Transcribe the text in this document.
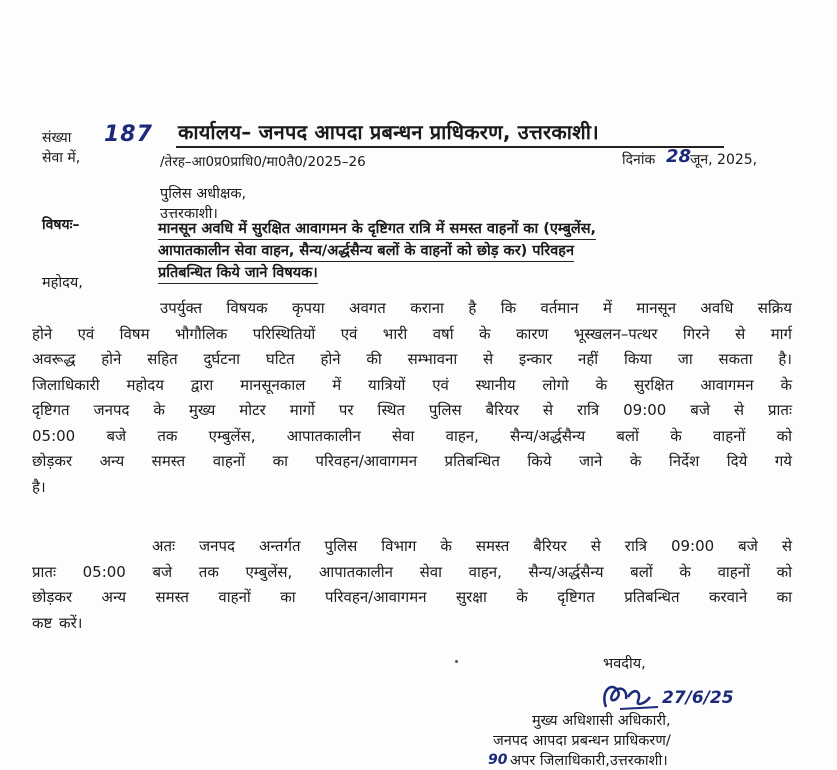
कार्यालय– जनपद आपदा प्रबन्धन प्राधिकरण, उत्तरकाशी।
संख्या 187
सेवा में,	/तेरह–आ0प्र0प्राधि0/मा0तै0/2025–26	दिनांक 28
जून, 2025,
पुलिस अधीक्षक,
उत्तरकाशी।
विषयः–	मानसून अवधि में सुरक्षित आवागमन के दृष्टिगत रात्रि में समस्त वाहनों का (एम्बुलेंस,
आपातकालीन सेवा वाहन, सैन्य/अर्द्धसैन्य बलों के वाहनों को छोड़ कर) परिवहन
प्रतिबन्धित किये जाने विषयक।
महोदय,
उपर्युक्त विषयक कृपया अवगत कराना है कि वर्तमान में मानसून अवधि सक्रिय
होने एवं विषम भौगौलिक परिस्थितियों एवं भारी वर्षा के कारण भूस्खलन–पत्थर गिरने से मार्ग
अवरूद्ध होने सहित दुर्घटना घटित होने की सम्भावना से इन्कार नहीं किया जा सकता है।
जिलाधिकारी महोदय द्वारा मानसूनकाल में यात्रियों एवं स्थानीय लोगो के सुरक्षित आवागमन के
दृष्टिगत जनपद के मुख्य मोटर मार्गो पर स्थित पुलिस बैरियर से रात्रि 09:00 बजे से प्रातः
05:00 बजे तक एम्बुलेंस, आपातकालीन सेवा वाहन, सैन्य/अर्द्धसैन्य बलों के वाहनों को
छोड़कर अन्य समस्त वाहनों का परिवहन/आवागमन प्रतिबन्धित किये जाने के निर्देश दिये गये
है।
अतः जनपद अन्तर्गत पुलिस विभाग के समस्त बैरियर से रात्रि 09:00 बजे से
प्रातः 05:00 बजे तक एम्बुलेंस, आपातकालीन सेवा वाहन, सैन्य/अर्द्धसैन्य बलों के वाहनों को
छोड़कर अन्य समस्त वाहनों का परिवहन/आवागमन सुरक्षा के दृष्टिगत प्रतिबन्धित करवाने का
कष्ट करें।
भवदीय,
27/6/25
मुख्य अधिशासी अधिकारी,
जनपद आपदा प्रबन्धन प्राधिकरण/
90 अपर जिलाधिकारी,उत्तरकाशी।
